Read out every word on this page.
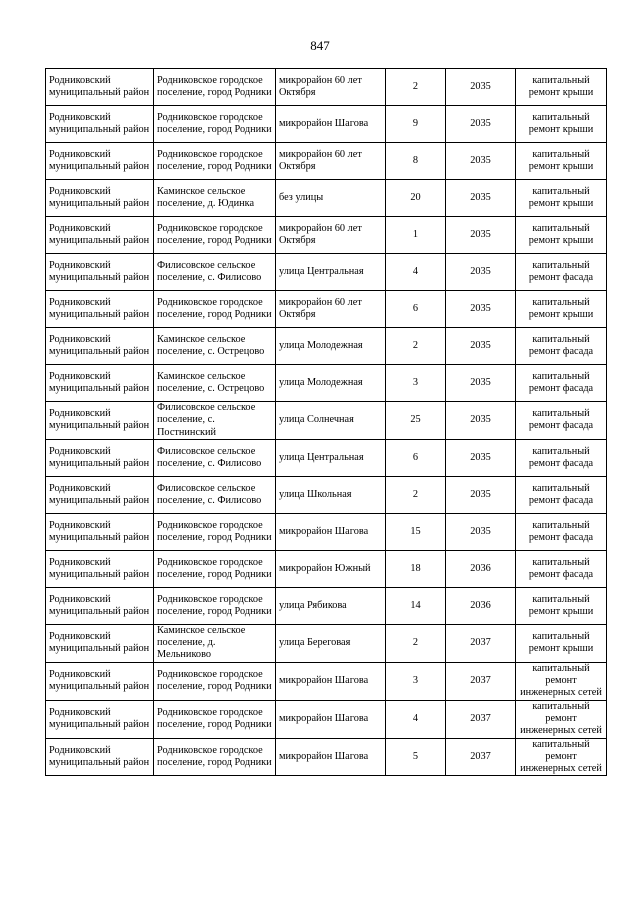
847
Родниковский муниципальный район	Родниковское городское поселение, город Родники	микрорайон 60 лет Октября	2	2035	капитальный ремонт крыши
Родниковский муниципальный район	Родниковское городское поселение, город Родники	микрорайон Шагова	9	2035	капитальный ремонт крыши
Родниковский муниципальный район	Родниковское городское поселение, город Родники	микрорайон 60 лет Октября	8	2035	капитальный ремонт крыши
Родниковский муниципальный район	Каминское сельское поселение, д. Юдинка	без улицы	20	2035	капитальный ремонт крыши
Родниковский муниципальный район	Родниковское городское поселение, город Родники	микрорайон 60 лет Октября	1	2035	капитальный ремонт крыши
Родниковский муниципальный район	Филисовское сельское поселение, с. Филисово	улица Центральная	4	2035	капитальный ремонт фасада
Родниковский муниципальный район	Родниковское городское поселение, город Родники	микрорайон 60 лет Октября	6	2035	капитальный ремонт крыши
Родниковский муниципальный район	Каминское сельское поселение, с. Острецово	улица Молодежная	2	2035	капитальный ремонт фасада
Родниковский муниципальный район	Каминское сельское поселение, с. Острецово	улица Молодежная	3	2035	капитальный ремонт фасада
Родниковский муниципальный район	Филисовское сельское поселение, с. Постнинский	улица Солнечная	25	2035	капитальный ремонт фасада
Родниковский муниципальный район	Филисовское сельское поселение, с. Филисово	улица Центральная	6	2035	капитальный ремонт фасада
Родниковский муниципальный район	Филисовское сельское поселение, с. Филисово	улица Школьная	2	2035	капитальный ремонт фасада
Родниковский муниципальный район	Родниковское городское поселение, город Родники	микрорайон Шагова	15	2035	капитальный ремонт фасада
Родниковский муниципальный район	Родниковское городское поселение, город Родники	микрорайон Южный	18	2036	капитальный ремонт фасада
Родниковский муниципальный район	Родниковское городское поселение, город Родники	улица Рябикова	14	2036	капитальный ремонт крыши
Родниковский муниципальный район	Каминское сельское поселение, д. Мельниково	улица Береговая	2	2037	капитальный ремонт крыши
Родниковский муниципальный район	Родниковское городское поселение, город Родники	микрорайон Шагова	3	2037	капитальный ремонт инженерных сетей
Родниковский муниципальный район	Родниковское городское поселение, город Родники	микрорайон Шагова	4	2037	капитальный ремонт инженерных сетей
Родниковский муниципальный район	Родниковское городское поселение, город Родники	микрорайон Шагова	5	2037	капитальный ремонт инженерных сетей
